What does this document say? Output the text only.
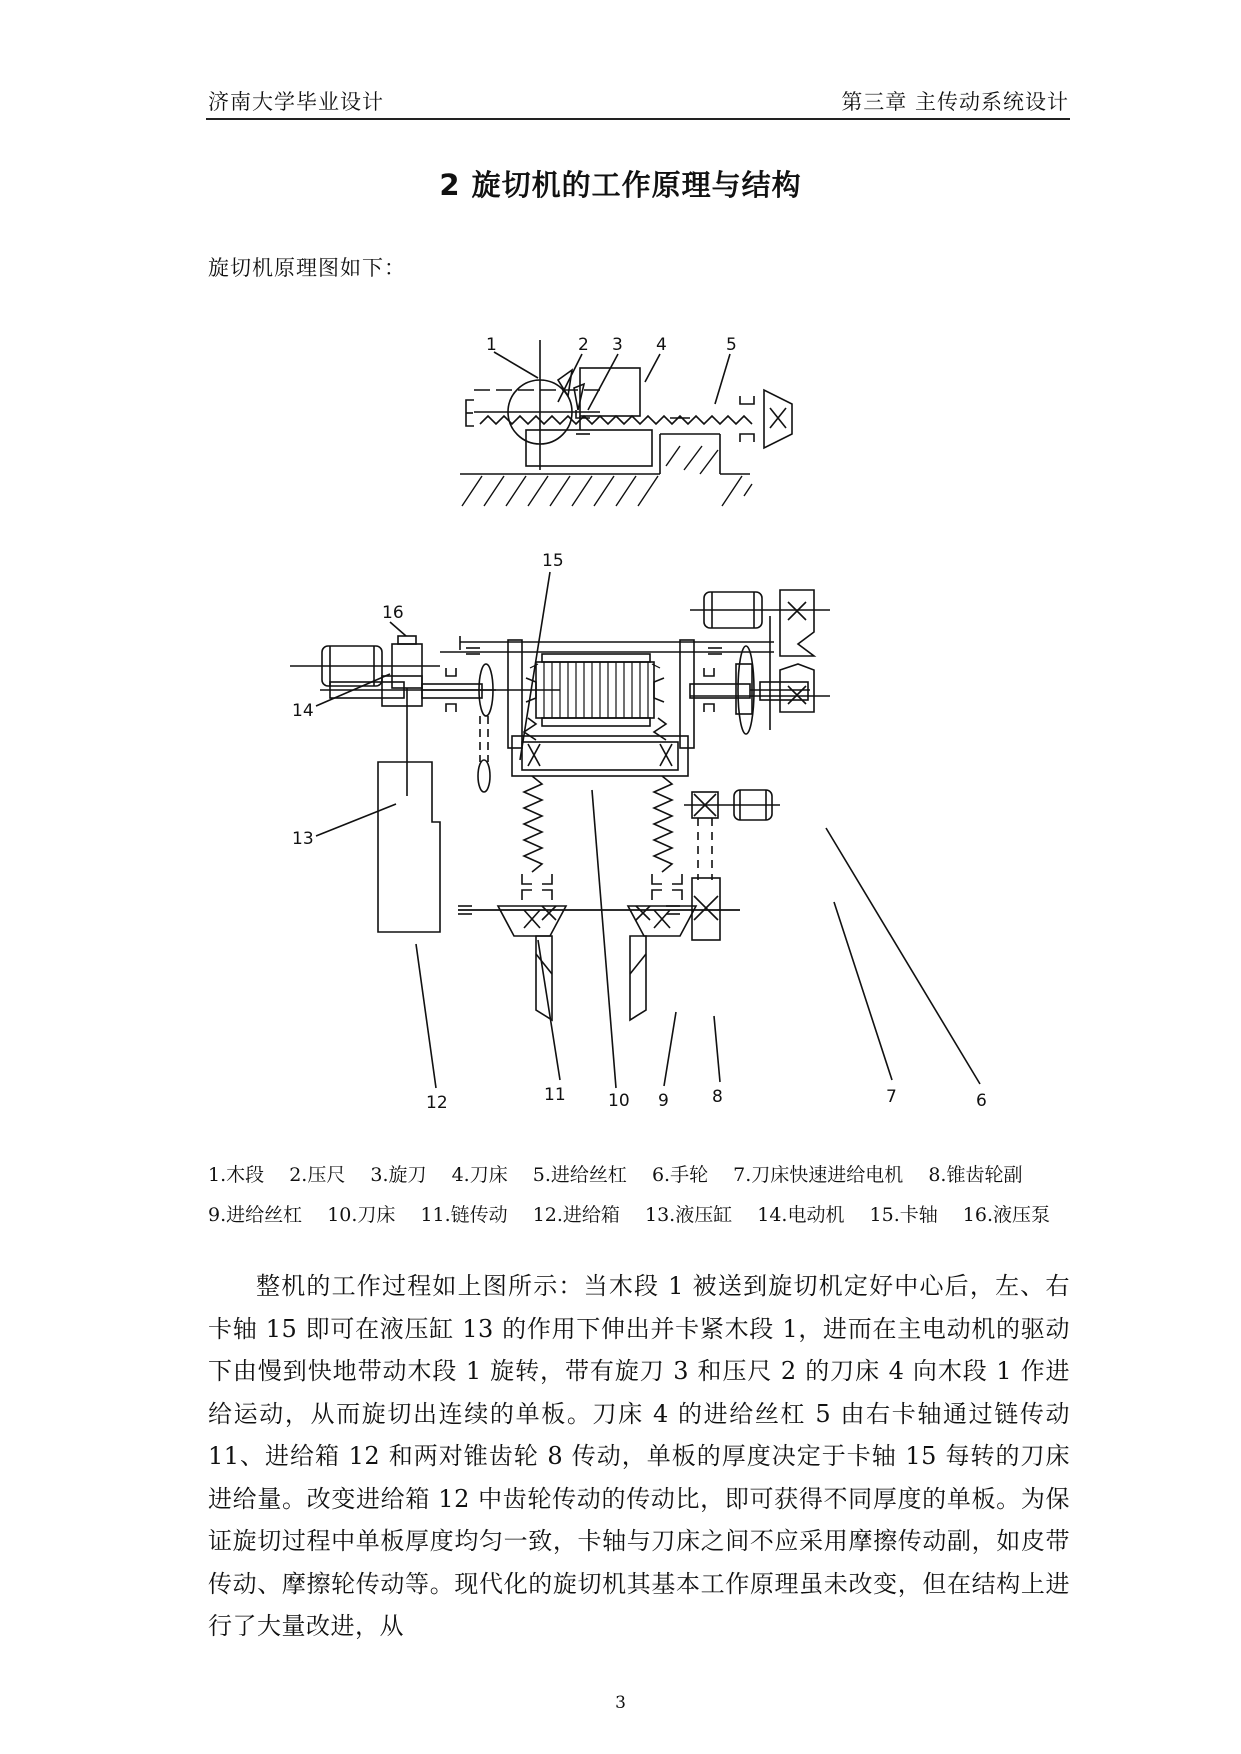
济南大学毕业设计	第三章 主传动系统设计
2 旋切机的工作原理与结构
旋切机原理图如下：
1	2 3 4	5
15
16
14
13
12	11 10 9	8	7	6
1.木段 2.压尺 3.旋刀 4.刀床 5.进给丝杠 6.手轮 7.刀床快速进给电机 8.锥齿轮副
9.进给丝杠 10.刀床 11.链传动 12.进给箱 13.液压缸 14.电动机 15.卡轴 16.液压泵
整机的工作过程如上图所示：当木段 1 被送到旋切机定好中心后，左、右卡轴 15 即可在液压缸 13 的作用下伸出并卡紧木段 1，进而在主电动机的驱动下由慢到快地带动木段 1 旋转，带有旋刀 3 和压尺 2 的刀床 4 向木段 1 作进给运动，从而旋切出连续的单板。刀床 4 的进给丝杠 5 由右卡轴通过链传动 11、进给箱 12 和两对锥齿轮 8 传动，单板的厚度决定于卡轴 15 每转的刀床进给量。改变进给箱 12 中齿轮传动的传动比，即可获得不同厚度的单板。为保证旋切过程中单板厚度均匀一致，卡轴与刀床之间不应采用摩擦传动副，如皮带传动、摩擦轮传动等。现代化的旋切机其基本工作原理虽未改变，但在结构上进行了大量改进，从
3
